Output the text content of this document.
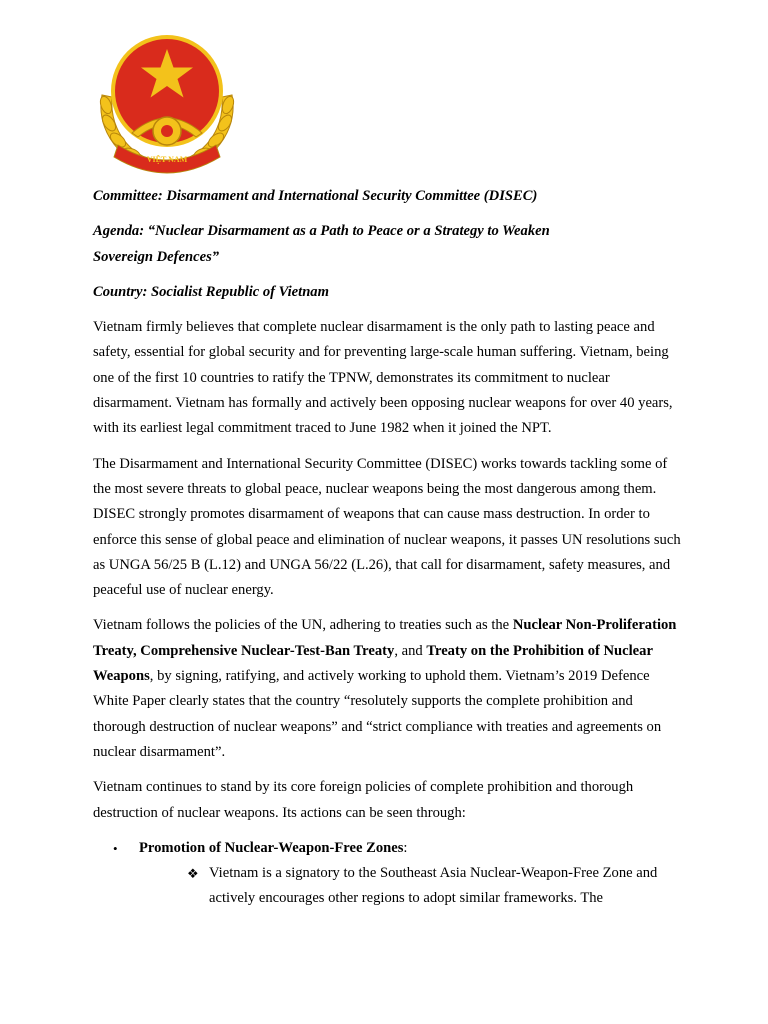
VIỆT NAM

Committee: Disarmament and International Security Committee (DISEC)

Agenda: “Nuclear Disarmament as a Path to Peace or a Strategy to Weaken
Sovereign Defences”

Country: Socialist Republic of Vietnam

Vietnam firmly believes that complete nuclear disarmament is the only path to lasting peace and safety, essential for global security and for preventing large-scale human suffering. Vietnam, being one of the first 10 countries to ratify the TPNW, demonstrates its commitment to nuclear disarmament. Vietnam has formally and actively been opposing nuclear weapons for over 40 years, with its earliest legal commitment traced to June 1982 when it joined the NPT.

The Disarmament and International Security Committee (DISEC) works towards tackling some of the most severe threats to global peace, nuclear weapons being the most dangerous among them. DISEC strongly promotes disarmament of weapons that can cause mass destruction. In order to enforce this sense of global peace and elimination of nuclear weapons, it passes UN resolutions such as UNGA 56/25 B (L.12) and UNGA 56/22 (L.26), that call for disarmament, safety measures, and peaceful use of nuclear energy.

Vietnam follows the policies of the UN, adhering to treaties such as the Nuclear Non-Proliferation Treaty, Comprehensive Nuclear-Test-Ban Treaty, and Treaty on the Prohibition of Nuclear Weapons, by signing, ratifying, and actively working to uphold them. Vietnam’s 2019 Defence White Paper clearly states that the country “resolutely supports the complete prohibition and thorough destruction of nuclear weapons” and “strict compliance with treaties and agreements on nuclear disarmament”.

Vietnam continues to stand by its core foreign policies of complete prohibition and thorough destruction of nuclear weapons. Its actions can be seen through:

• Promotion of Nuclear-Weapon-Free Zones:
❖ Vietnam is a signatory to the Southeast Asia Nuclear-Weapon-Free Zone and actively encourages other regions to adopt similar frameworks. The
